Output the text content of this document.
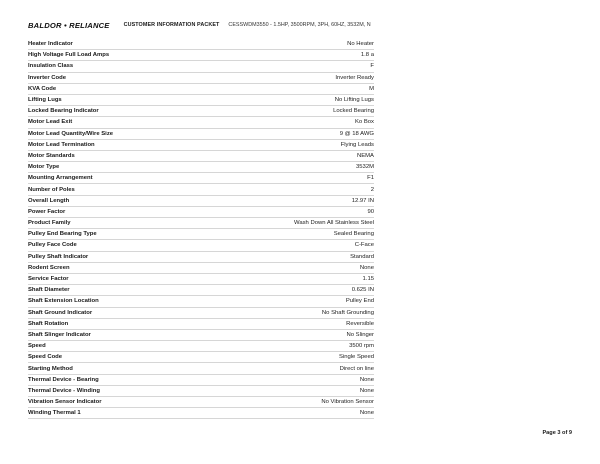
BALDOR • RELIANCE	CUSTOMER INFORMATION PACKET CESSWDM3550 - 1.5HP, 3500RPM, 3PH, 60HZ, 3532M, N
Heater Indicator	No Heater
High Voltage Full Load Amps	1.8 a
Insulation Class	F
Inverter Code	Inverter Ready
KVA Code	M
Lifting Lugs	No Lifting Lugs
Locked Bearing Indicator	Locked Bearing
Motor Lead Exit	Ko Box
Motor Lead Quantity/Wire Size	9 @ 18 AWG
Motor Lead Termination	Flying Leads
Motor Standards	NEMA
Motor Type	3532M
Mounting Arrangement	F1
Number of Poles	2
Overall Length	12.97 IN
Power Factor	90
Product Family	Wash Down All Stainless Steel
Pulley End Bearing Type	Sealed Bearing
Pulley Face Code	C-Face
Pulley Shaft Indicator	Standard
Rodent Screen	None
Service Factor	1.15
Shaft Diameter	0.625 IN
Shaft Extension Location	Pulley End
Shaft Ground Indicator	No Shaft Grounding
Shaft Rotation	Reversible
Shaft Slinger Indicator	No Slinger
Speed	3500 rpm
Speed Code	Single Speed
Starting Method	Direct on line
Thermal Device - Bearing	None
Thermal Device - Winding	None
Vibration Sensor Indicator	No Vibration Sensor
Winding Thermal 1	None
Page 3 of 9
